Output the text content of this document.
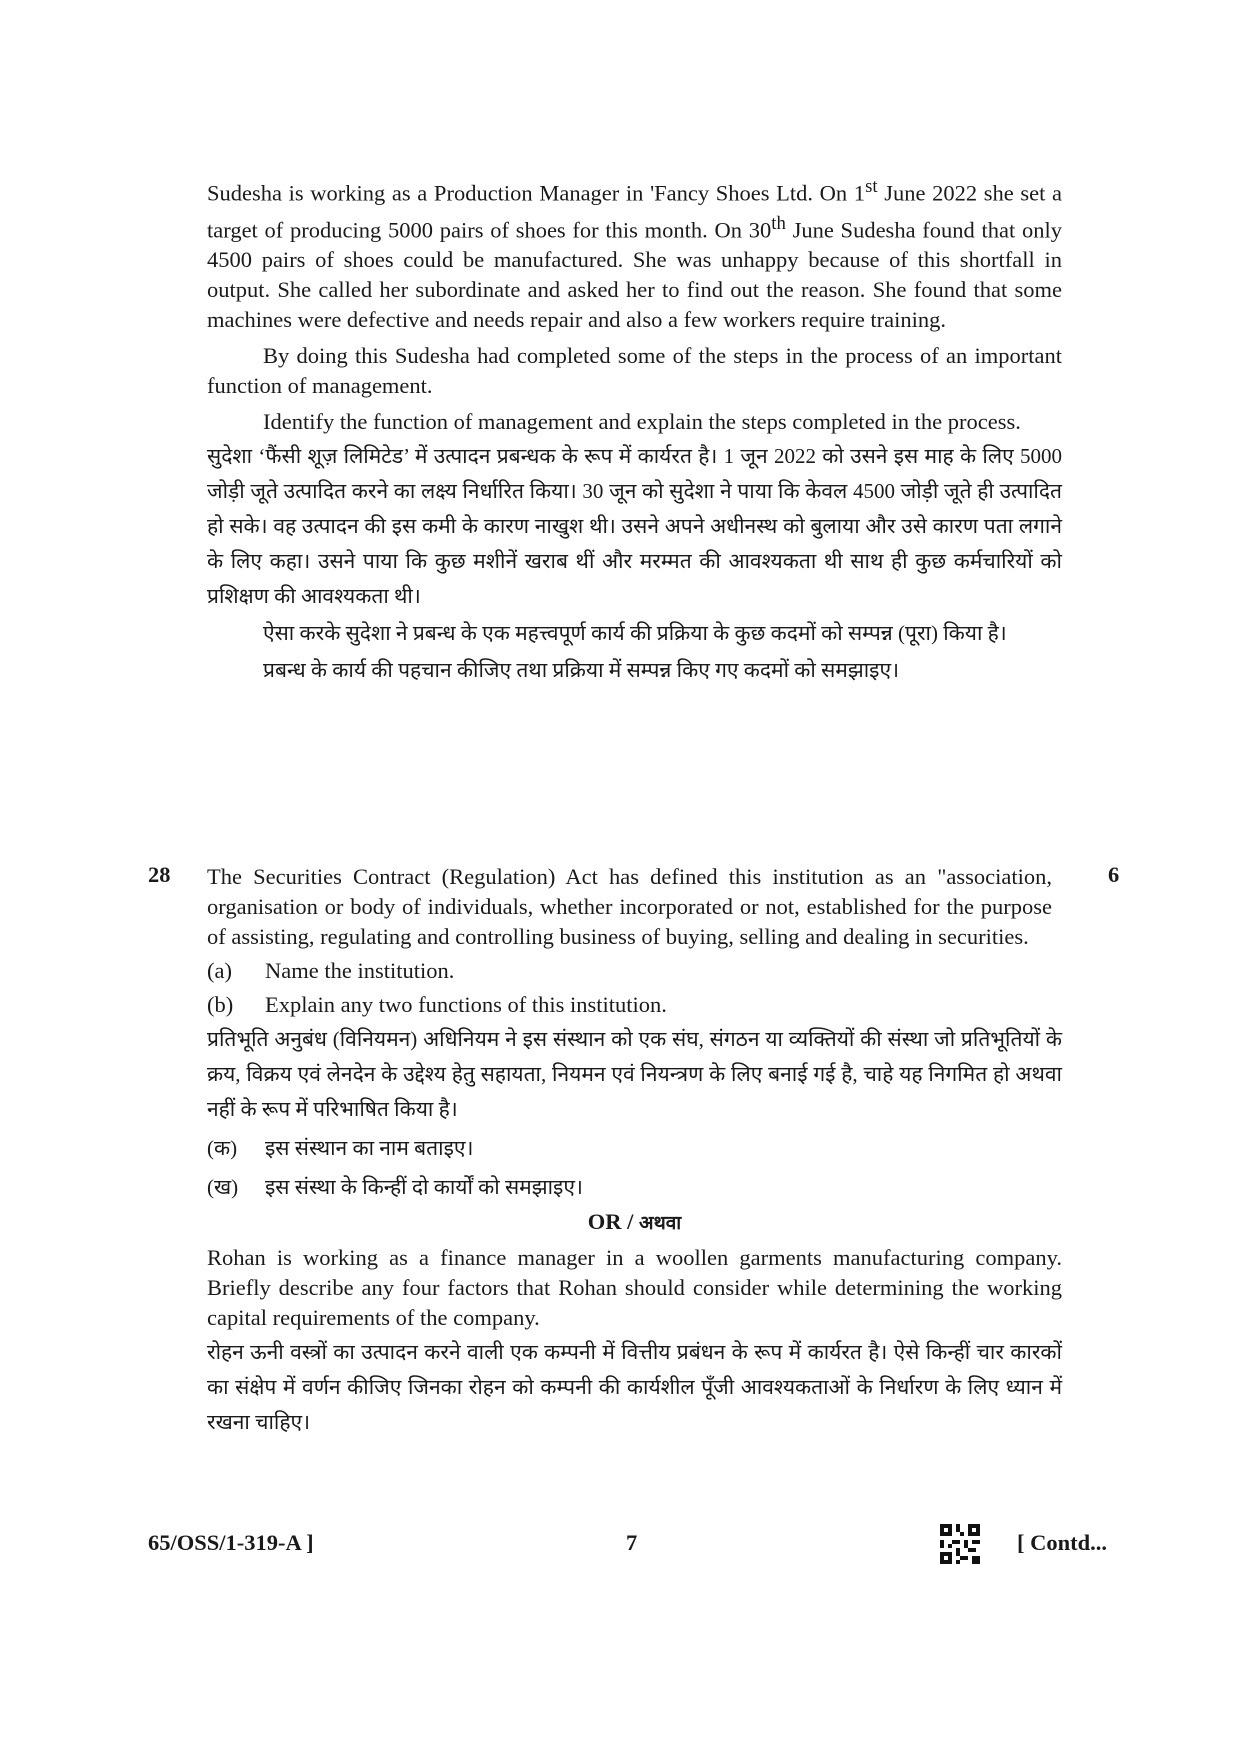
Sudesha is working as a Production Manager in 'Fancy Shoes Ltd. On 1st June 2022 she set a target of producing 5000 pairs of shoes for this month. On 30th June Sudesha found that only 4500 pairs of shoes could be manufactured. She was unhappy because of this shortfall in output. She called her subordinate and asked her to find out the reason. She found that some machines were defective and needs repair and also a few workers require training.

By doing this Sudesha had completed some of the steps in the process of an important function of management.

Identify the function of management and explain the steps completed in the process.

सुदेशा ‘फैंसी शूज़ लिमिटेड’ में उत्पादन प्रबन्धक के रूप में कार्यरत है। 1 जून 2022 को उसने इस माह के लिए 5000 जोड़ी जूते उत्पादित करने का लक्ष्य निर्धारित किया। 30 जून को सुदेशा ने पाया कि केवल 4500 जोड़ी जूते ही उत्पादित हो सके। वह उत्पादन की इस कमी के कारण नाखुश थी। उसने अपने अधीनस्थ को बुलाया और उसे कारण पता लगाने के लिए कहा। उसने पाया कि कुछ मशीनें खराब थीं और मरम्मत की आवश्यकता थी साथ ही कुछ कर्मचारियों को प्रशिक्षण की आवश्यकता थी।

ऐसा करके सुदेशा ने प्रबन्ध के एक महत्त्वपूर्ण कार्य की प्रक्रिया के कुछ कदमों को सम्पन्न (पूरा) किया है।

प्रबन्ध के कार्य की पहचान कीजिए तथा प्रक्रिया में सम्पन्न किए गए कदमों को समझाइए।

28	6

The Securities Contract (Regulation) Act has defined this institution as an "association, organisation or body of individuals, whether incorporated or not, established for the purpose of assisting, regulating and controlling business of buying, selling and dealing in securities.

(a)	Name the institution.
(b)	Explain any two functions of this institution.

प्रतिभूति अनुबंध (विनियमन) अधिनियम ने इस संस्थान को एक संघ, संगठन या व्यक्तियों की संस्था जो प्रतिभूतियों के क्रय, विक्रय एवं लेनदेन के उद्देश्य हेतु सहायता, नियमन एवं नियन्त्रण के लिए बनाई गई है, चाहे यह निगमित हो अथवा नहीं के रूप में परिभाषित किया है।

(क)	इस संस्थान का नाम बताइए।
(ख)	इस संस्था के किन्हीं दो कार्यों को समझाइए।
OR / अथवा

Rohan is working as a finance manager in a woollen garments manufacturing company. Briefly describe any four factors that Rohan should consider while determining the working capital requirements of the company.

रोहन ऊनी वस्त्रों का उत्पादन करने वाली एक कम्पनी में वित्तीय प्रबंधन के रूप में कार्यरत है। ऐसे किन्हीं चार कारकों का संक्षेप में वर्णन कीजिए जिनका रोहन को कम्पनी की कार्यशील पूँजी आवश्यकताओं के निर्धारण के लिए ध्यान में रखना चाहिए।

65/OSS/1-319-A ]	7	[ Contd...
